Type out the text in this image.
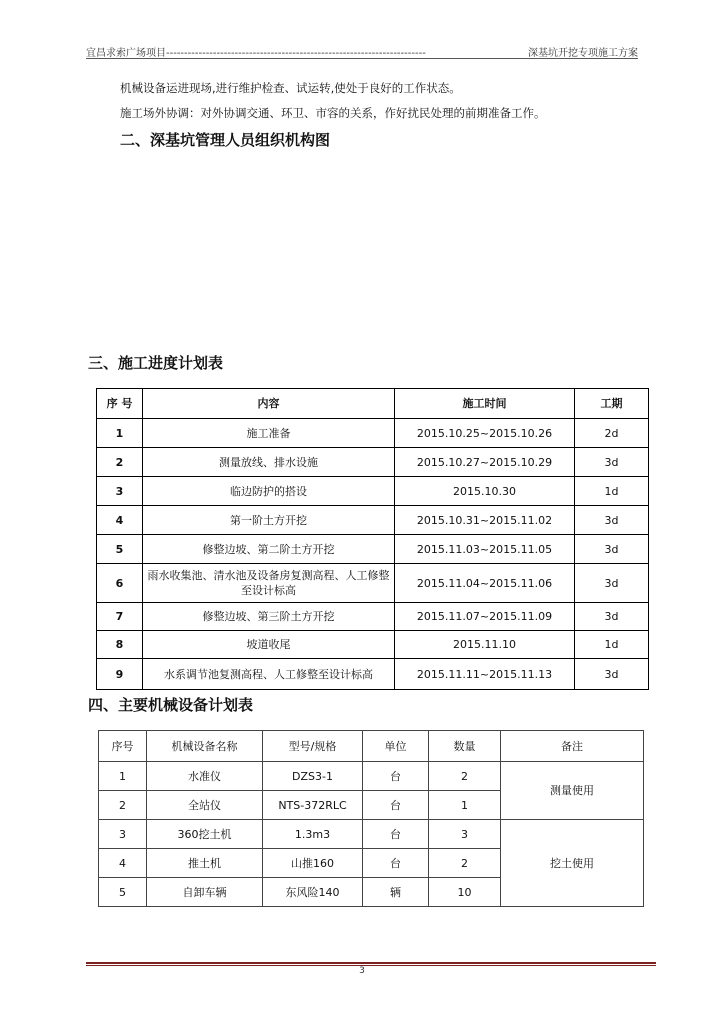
宜昌求索广场项目------------------------------------------------------------------------	深基坑开挖专项施工方案
机械设备运进现场,进行维护检查、试运转,使处于良好的工作状态。
施工场外协调：对外协调交通、环卫、市容的关系，作好扰民处理的前期准备工作。
二、深基坑管理人员组织机构图
三、施工进度计划表
序 号	内容	施工时间	工期
1	施工准备	2015.10.25~2015.10.26	2d
2	测量放线、排水设施	2015.10.27~2015.10.29	3d
3	临边防护的搭设	2015.10.30	1d
4	第一阶土方开挖	2015.10.31~2015.11.02	3d
5	修整边坡、第二阶土方开挖	2015.11.03~2015.11.05	3d
6	雨水收集池、清水池及设备房复测高程、人工修整至设计标高	2015.11.04~2015.11.06	3d
7	修整边坡、第三阶土方开挖	2015.11.07~2015.11.09	3d
8	坡道收尾	2015.11.10	1d
9	水系调节池复测高程、人工修整至设计标高	2015.11.11~2015.11.13	3d
四、主要机械设备计划表
序号	机械设备名称	型号/规格	单位	数量	备注
1	水准仪	DZS3-1	台	2	测量使用
2	全站仪	NTS-372RLC	台	1	
3	360挖土机	1.3m3	台	3	挖土使用
4	推土机	山推160	台	2	
5	自卸车辆	东风险140	辆	10	
3
